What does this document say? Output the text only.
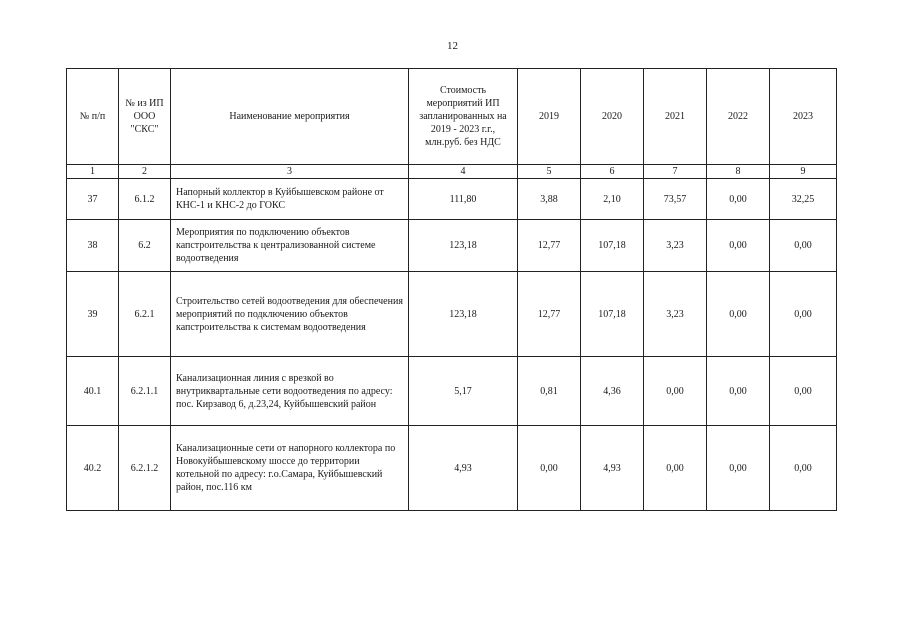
12
№ п/п	№ из ИП ООО "СКС"	Наименование мероприятия	Стоимость мероприятий ИП запланированных на 2019 - 2023 г.г., млн.руб. без НДС	2019	2020	2021	2022	2023
1	2	3	4	5	6	7	8	9
37	6.1.2	Напорный коллектор в Куйбышевском районе от КНС-1 и КНС-2 до ГОКС	111,80	3,88	2,10	73,57	0,00	32,25
38	6.2	Мероприятия по подключению объектов капстроительства к централизованной системе водоотведения	123,18	12,77	107,18	3,23	0,00	0,00
39	6.2.1	Строительство сетей водоотведения для обеспечения мероприятий по подключению объектов капстроительства к системам водоотведения	123,18	12,77	107,18	3,23	0,00	0,00
40.1	6.2.1.1	Канализационная линия с врезкой во внутриквартальные сети водоотведения по адресу: пос. Кирзавод 6, д.23,24, Куйбышевский район	5,17	0,81	4,36	0,00	0,00	0,00
40.2	6.2.1.2	Канализационные сети от напорного коллектора по Новокуйбышевскому шоссе до территории котельной по адресу: г.о.Самара, Куйбышевский район, пос.116 км	4,93	0,00	4,93	0,00	0,00	0,00
